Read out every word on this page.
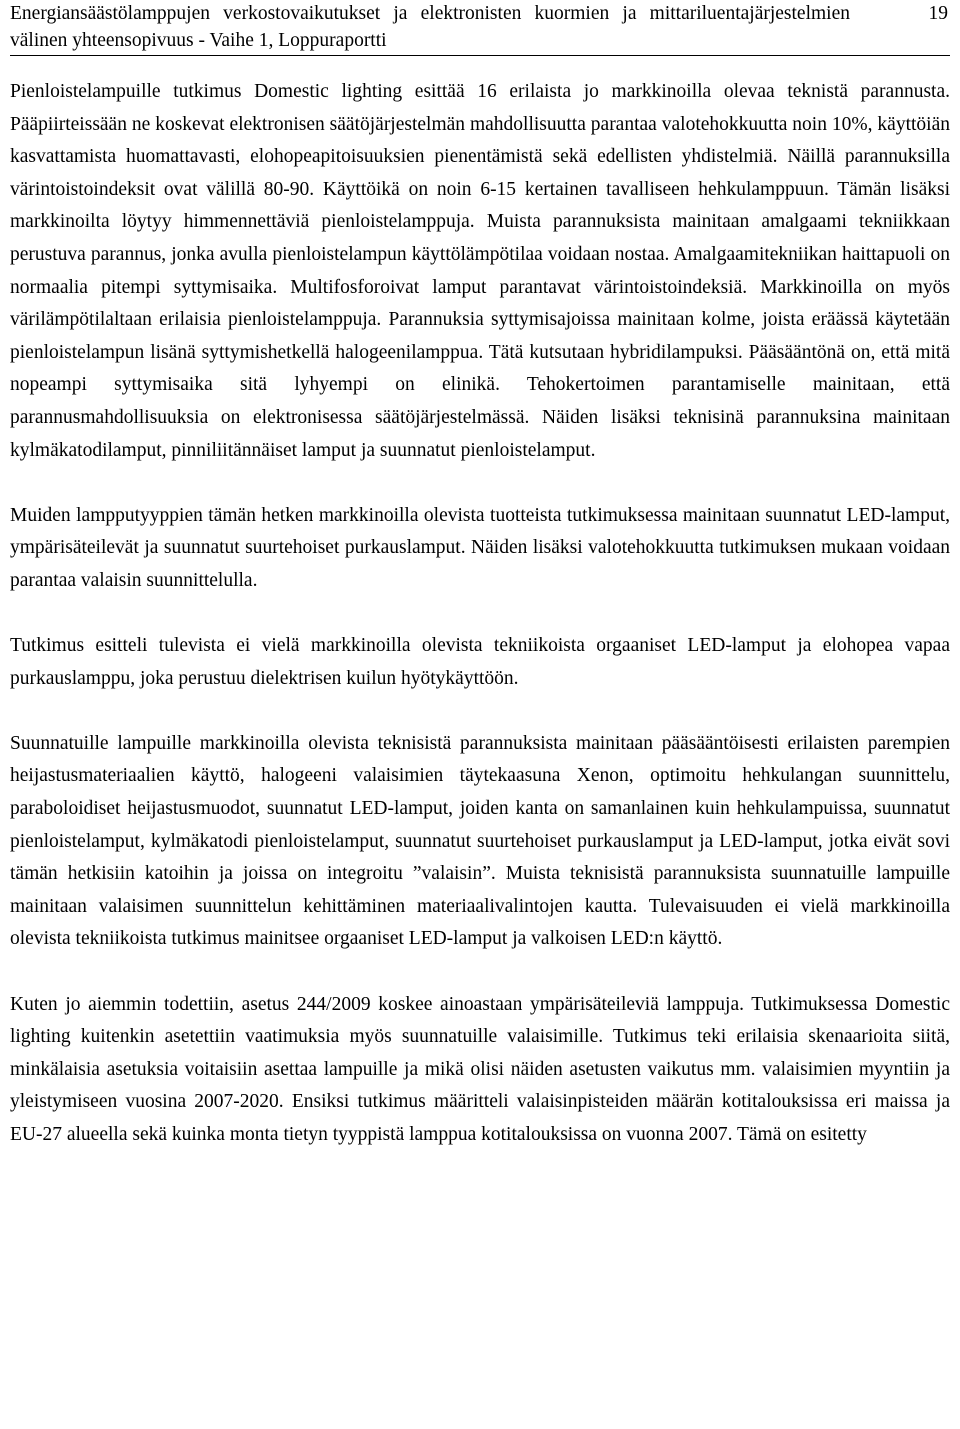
Energiansäästölamppujen verkostovaikutukset ja elektronisten kuormien ja mittariluentajärjestelmien välinen yhteensopivuus - Vaihe 1, Loppuraportti
19

Pienloistelampuille tutkimus Domestic lighting esittää 16 erilaista jo markkinoilla olevaa teknistä parannusta. Pääpiirteissään ne koskevat elektronisen säätöjärjestelmän mahdollisuutta parantaa valotehokkuutta noin 10%, käyttöiän kasvattamista huomattavasti, elohopeapitoisuuksien pienentämistä sekä edellisten yhdistelmiä. Näillä parannuksilla värintoistoindeksit ovat välillä 80-90. Käyttöikä on noin 6-15 kertainen tavalliseen hehkulamppuun. Tämän lisäksi markkinoilta löytyy himmennettäviä pienloistelamppuja. Muista parannuksista mainitaan amalgaami tekniikkaan perustuva parannus, jonka avulla pienloistelampun käyttölämpötilaa voidaan nostaa. Amalgaamitekniikan haittapuoli on normaalia pitempi syttymisaika. Multifosforoivat lamput parantavat värintoistoindeksiä. Markkinoilla on myös värilämpötilaltaan erilaisia pienloistelamppuja. Parannuksia syttymisajoissa mainitaan kolme, joista eräässä käytetään pienloistelampun lisänä syttymishetkellä halogeenilamppua. Tätä kutsutaan hybridilampuksi. Pääsääntönä on, että mitä nopeampi syttymisaika sitä lyhyempi on elinikä. Tehokertoimen parantamiselle mainitaan, että parannusmahdollisuuksia on elektronisessa säätöjärjestelmässä. Näiden lisäksi teknisinä parannuksina mainitaan kylmäkatodilamput, pinniliitännäiset lamput ja suunnatut pienloistelamput.

Muiden lampputyyppien tämän hetken markkinoilla olevista tuotteista tutkimuksessa mainitaan suunnatut LED-lamput, ympärisäteilevät ja suunnatut suurtehoiset purkauslamput. Näiden lisäksi valotehokkuutta tutkimuksen mukaan voidaan parantaa valaisin suunnittelulla.

Tutkimus esitteli tulevista ei vielä markkinoilla olevista tekniikoista orgaaniset LED-lamput ja elohopea vapaa purkauslamppu, joka perustuu dielektrisen kuilun hyötykäyttöön.

Suunnatuille lampuille markkinoilla olevista teknisistä parannuksista mainitaan pääsääntöisesti erilaisten parempien heijastusmateriaalien käyttö, halogeeni valaisimien täytekaasuna Xenon, optimoitu hehkulangan suunnittelu, paraboloidiset heijastusmuodot, suunnatut LED-lamput, joiden kanta on samanlainen kuin hehkulampuissa, suunnatut pienloistelamput, kylmäkatodi pienloistelamput, suunnatut suurtehoiset purkauslamput ja LED-lamput, jotka eivät sovi tämän hetkisiin katoihin ja joissa on integroitu ”valaisin”. Muista teknisistä parannuksista suunnatuille lampuille mainitaan valaisimen suunnittelun kehittäminen materiaalivalintojen kautta. Tulevaisuuden ei vielä markkinoilla olevista tekniikoista tutkimus mainitsee orgaaniset LED-lamput ja valkoisen LED:n käyttö.

Kuten jo aiemmin todettiin, asetus 244/2009 koskee ainoastaan ympärisäteileviä lamppuja. Tutkimuksessa Domestic lighting kuitenkin asetettiin vaatimuksia myös suunnatuille valaisimille. Tutkimus teki erilaisia skenaarioita siitä, minkälaisia asetuksia voitaisiin asettaa lampuille ja mikä olisi näiden asetusten vaikutus mm. valaisimien myyntiin ja yleistymiseen vuosina 2007-2020. Ensiksi tutkimus määritteli valaisinpisteiden määrän kotitalouksissa eri maissa ja EU-27 alueella sekä kuinka monta tietyn tyyppistä lamppua kotitalouksissa on vuonna 2007. Tämä on esitetty
